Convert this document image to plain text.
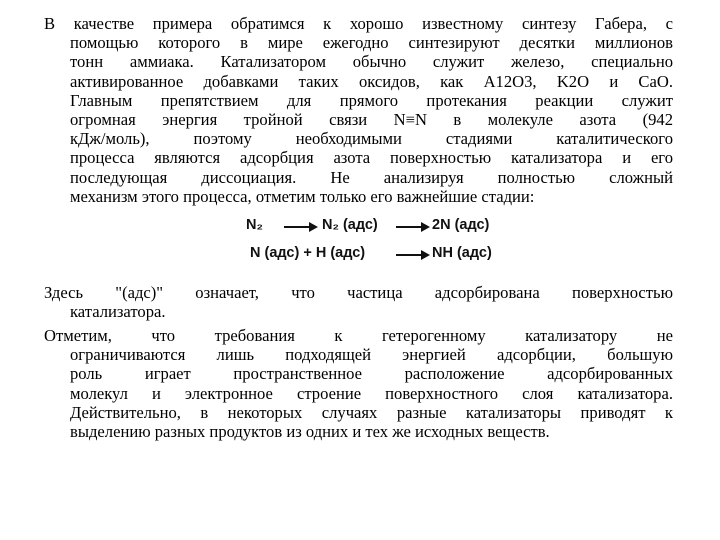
В качестве примера обратимся к хорошо известному синтезу Габера, с
помощью которого в мире ежегодно синтезируют десятки миллионов
тонн аммиака. Катализатором обычно служит железо, специально
активированное добавками таких оксидов, как А12O3, K2O и CaO.
Главным препятствием для прямого протекания реакции служит
огромная энергия тройной связи N≡N в молекуле азота (942
кДж/моль), поэтому необходимыми стадиями каталитического
процесса являются адсорбция азота поверхностью катализатора и его
последующая диссоциация. Не анализируя полностью сложный
механизм этого процесса, отметим только его важнейшие стадии:
N₂	N₂ (адс)	2N (адс)
N (адс) + H (адс)	NH (адс)
Здесь "(адс)" означает, что частица адсорбирована поверхностью
катализатора.
Отметим, что требования к гетерогенному катализатору не
ограничиваются лишь подходящей энергией адсорбции, большую
роль играет пространственное расположение адсорбированных
молекул и электронное строение поверхностного слоя катализатора.
Действительно, в некоторых случаях разные катализаторы приводят к
выделению разных продуктов из одних и тех же исходных веществ.
